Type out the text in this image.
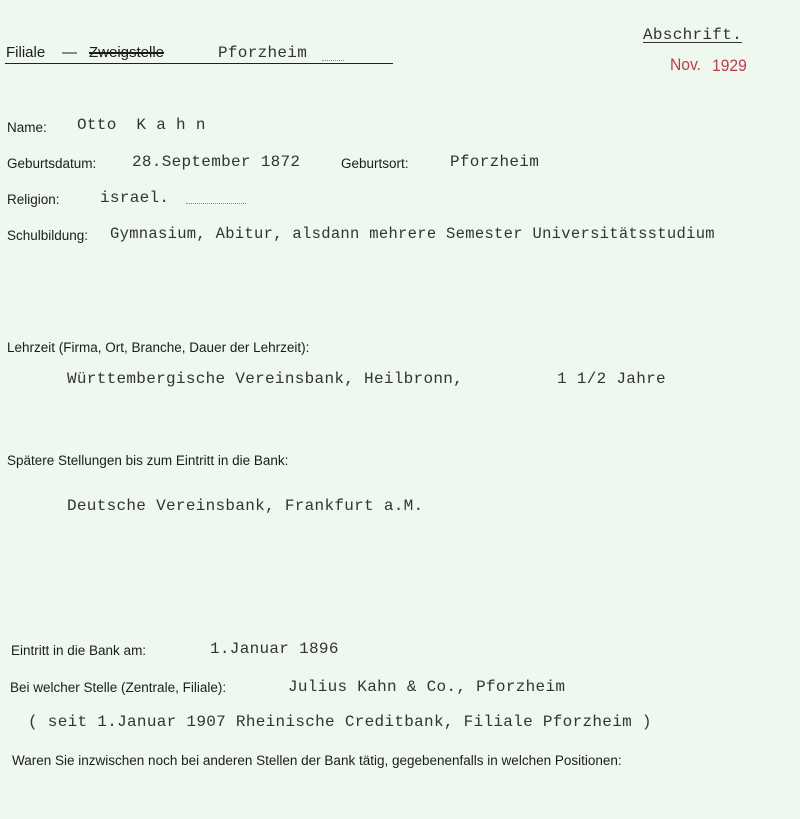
Filiale — Zweigstelle	Pforzheim
Abschrift.
Nov. 1929
Name: Otto  K a h n
Geburtsdatum: 28.September 1872	Geburtsort:	Pforzheim
Religion:	israel.
Schulbildung: Gymnasium, Abitur, alsdann mehrere Semester Universitätsstudium
Lehrzeit (Firma, Ort, Branche, Dauer der Lehrzeit):
Württembergische Vereinsbank, Heilbronn,	1 1/2 Jahre
Spätere Stellungen bis zum Eintritt in die Bank:
Deutsche Vereinsbank, Frankfurt a.M.
Eintritt in die Bank am:	1.Januar 1896
Bei welcher Stelle (Zentrale, Filiale):	Julius Kahn & Co., Pforzheim
( seit 1.Januar 1907 Rheinische Creditbank, Filiale Pforzheim )
Waren Sie inzwischen noch bei anderen Stellen der Bank tätig, gegebenenfalls in welchen Positionen:
